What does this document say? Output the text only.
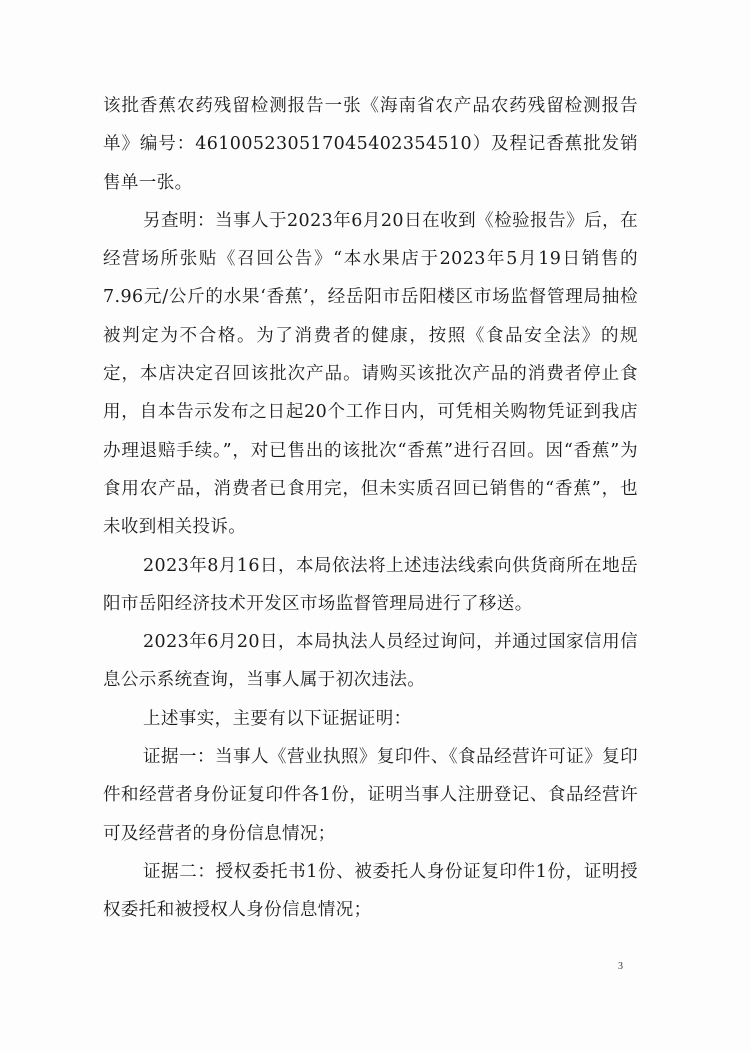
该批香蕉农药残留检测报告一张《海南省农产品农药残留检测报告单》编号：461005230517045402354510）及程记香蕉批发销售单一张。

另查明：当事人于2023年6月20日在收到《检验报告》后，在经营场所张贴《召回公告》“本水果店于2023年5月19日销售的7.96元/公斤的水果‘香蕉’，经岳阳市岳阳楼区市场监督管理局抽检被判定为不合格。为了消费者的健康，按照《食品安全法》的规定，本店决定召回该批次产品。请购买该批次产品的消费者停止食用，自本告示发布之日起20个工作日内，可凭相关购物凭证到我店办理退赔手续。”，对已售出的该批次“香蕉”进行召回。因“香蕉”为食用农产品，消费者已食用完，但未实质召回已销售的“香蕉”，也未收到相关投诉。

2023年8月16日，本局依法将上述违法线索向供货商所在地岳阳市岳阳经济技术开发区市场监督管理局进行了移送。

2023年6月20日，本局执法人员经过询问，并通过国家信用信息公示系统查询，当事人属于初次违法。

上述事实，主要有以下证据证明：

证据一：当事人《营业执照》复印件、《食品经营许可证》复印件和经营者身份证复印件各1份，证明当事人注册登记、食品经营许可及经营者的身份信息情况；

证据二：授权委托书1份、被委托人身份证复印件1份，证明授权委托和被授权人身份信息情况；

3
